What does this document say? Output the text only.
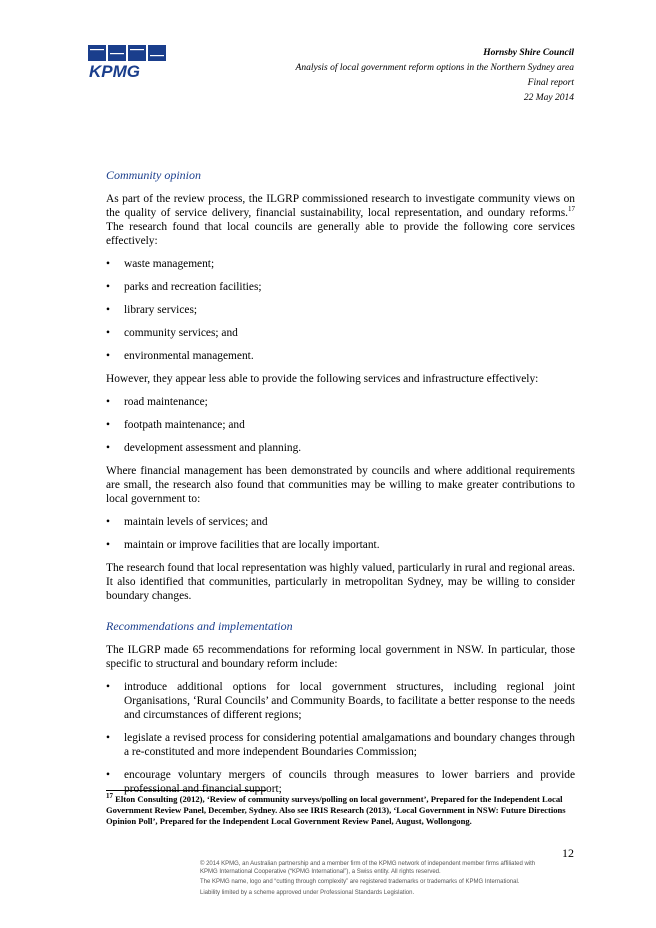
KPMG
Hornsby Shire Council
Analysis of local government reform options in the Northern Sydney area
Final report
22 May 2014
Community opinion

As part of the review process, the ILGRP commissioned research to investigate community views on the quality of service delivery, financial sustainability, local representation, and oundary reforms.$^{17}$ The research found that local councils are generally able to provide the following core services effectively:

• waste management;
• parks and recreation facilities;
• library services;
• community services; and
• environmental management.

However, they appear less able to provide the following services and infrastructure effectively:

• road maintenance;
• footpath maintenance; and
• development assessment and planning.

Where financial management has been demonstrated by councils and where additional requirements are small, the research also found that communities may be willing to make greater contributions to local government to:

• maintain levels of services; and
• maintain or improve facilities that are locally important.

The research found that local representation was highly valued, particularly in rural and regional areas. It also identified that communities, particularly in metropolitan Sydney, may be willing to consider boundary changes.

Recommendations and implementation

The ILGRP made 65 recommendations for reforming local government in NSW. In particular, those specific to structural and boundary reform include:

• introduce additional options for local government structures, including regional joint Organisations, ‘Rural Councils’ and Community Boards, to facilitate a better response to the needs and circumstances of different regions;
• legislate a revised process for considering potential amalgamations and boundary changes through a re-constituted and more independent Boundaries Commission;
• encourage voluntary mergers of councils through measures to lower barriers and provide professional and financial support;
$^{17}$ Elton Consulting (2012), ‘Review of community surveys/polling on local government’, Prepared for the Independent Local Government Review Panel, December, Sydney. Also see IRIS Research (2013), ‘Local Government in NSW: Future Directions Opinion Poll’, Prepared for the Independent Local Government Review Panel, August, Wollongong.
12
© 2014 KPMG, an Australian partnership and a member firm of the KPMG network of independent member firms affiliated with KPMG International Cooperative (“KPMG International”), a Swiss entity. All rights reserved.
The KPMG name, logo and “cutting through complexity” are registered trademarks or trademarks of KPMG International.
Liability limited by a scheme approved under Professional Standards Legislation.
